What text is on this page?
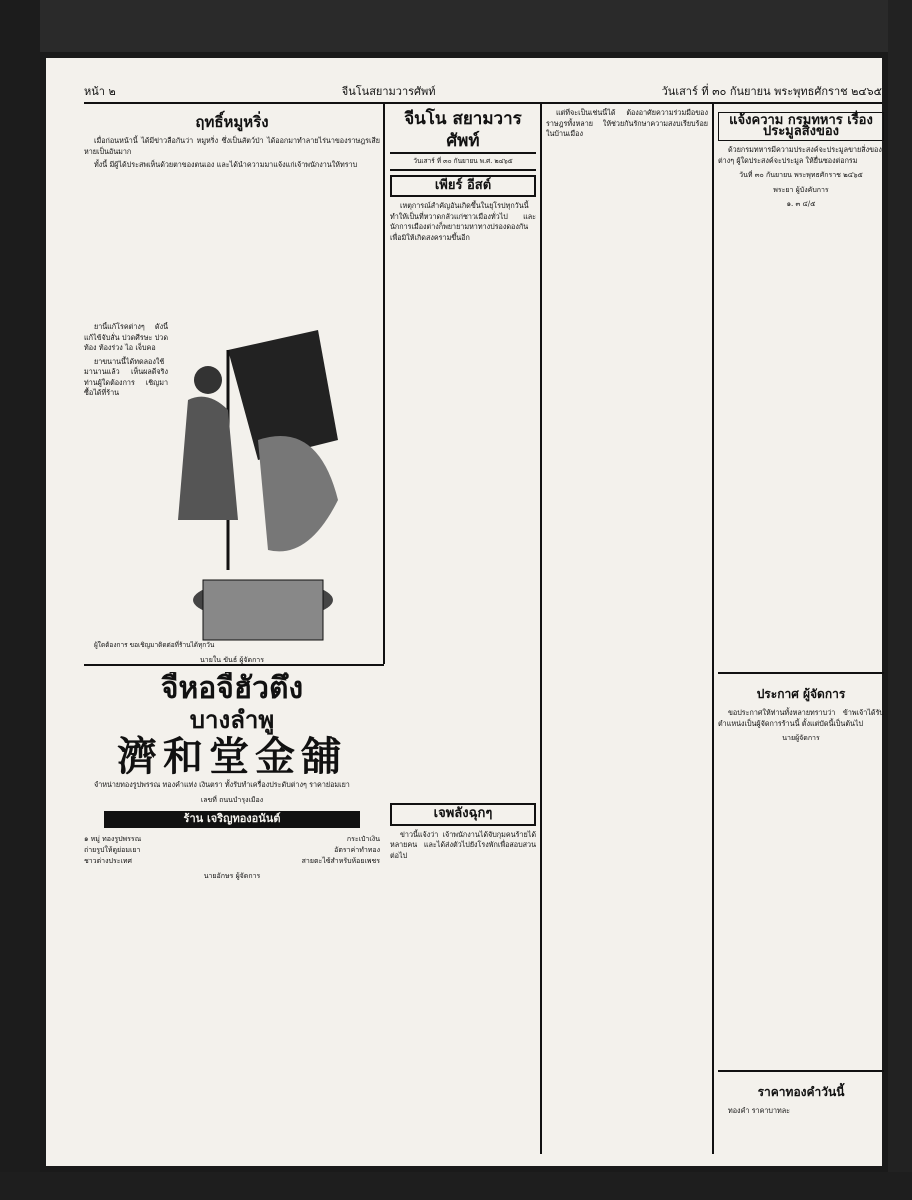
หน้า ๒	จีนโนสยามวารศัพท์	วันเสาร์ ที่ ๓๐ กันยายน พระพุทธศักราช ๒๔๖๕
ฤทธิ์หมูหริ่ง

เมื่อก่อนหน้านี้ ได้มีข่าวลือกันว่า หมูหริ่ง ซึ่งเป็นสัตว์ป่า ได้ออกมาทำลายไร่นาของราษฎรเสียหายเป็นอันมาก

ทั้งนี้ มีผู้ได้ประสพเห็นด้วยตาของตนเอง และได้นำความมาแจ้งแก่เจ้าพนักงานให้ทราบ

ยานี้แก้โรคต่างๆ ดังนี้ แก้ไข้จับสั่น ปวดศีรษะ ปวดท้อง ท้องร่วง ไอ เจ็บคอ

ยาขนานนี้ได้ทดลองใช้มานานแล้ว เห็นผลดีจริง ท่านผู้ใดต้องการ เชิญมาซื้อได้ที่ร้าน

ผู้ใดต้องการ ขอเชิญมาติดต่อที่ร้านได้ทุกวัน

นายใน ขันธ์ ผู้จัดการ
จี้หอจี้ฮั่วตึ๋ง
บางลำพู
濟和堂金舖

จำหน่ายทองรูปพรรณ ทองคำแท่ง เงินตรา ทั้งรับทำเครื่องประดับต่างๆ ราคาย่อมเยา

เลขที่ ถนนบำรุงเมือง
ร้าน เจริญทองอนันต์
๑ หมู่ ทองรูปพรรณ	กระเป๋าเงิน
ถ่ายรูปให้ดูย่อมเยา	อัตราค่าทำทอง
ชาวต่างประเทศ	สายตะไซ้สำหรับห้อยเพชร
นายอักษร ผู้จัดการ
จีนโน สยามวารศัพท์
วันเสาร์ ที่ ๓๐ กันยายน พ.ศ. ๒๔๖๕
เพียร์ อีสต์

เหตุการณ์สำคัญอันเกิดขึ้นในยุโรปทุกวันนี้ ทำให้เป็นที่หวาดกลัวแก่ชาวเมืองทั่วไป และนักการเมืองต่างก็พยายามหาทางปรองดองกัน เพื่อมิให้เกิดสงครามขึ้นอีก

เจพลังฉุกๆ

ข่าวนี้แจ้งว่า เจ้าพนักงานได้จับกุมคนร้ายได้หลายคน และได้ส่งตัวไปยังโรงพักเพื่อสอบสวนต่อไป

แต่ที่จะเป็นเช่นนี้ได้ ต้องอาศัยความร่วมมือของราษฎรทั้งหลาย ให้ช่วยกันรักษาความสงบเรียบร้อยในบ้านเมือง

แจ้งความ กรมทหาร เรื่องประมูลสิ่งของ

ด้วยกรมทหารมีความประสงค์จะประมูลขายสิ่งของต่างๆ ผู้ใดประสงค์จะประมูล ให้ยื่นซองต่อกรม

วันที่ ๓๐ กันยายน พระพุทธศักราช ๒๔๖๕
พระยา ผู้บังคับการ
๑. ๓ ๔/๕
ประกาศ ผู้จัดการ

ขอประกาศให้ท่านทั้งหลายทราบว่า ข้าพเจ้าได้รับตำแหน่งเป็นผู้จัดการร้านนี้ ตั้งแต่บัดนี้เป็นต้นไป

นายผู้จัดการ
ราคาทองคำวันนี้

ทองคำ ราคาบาทละ
